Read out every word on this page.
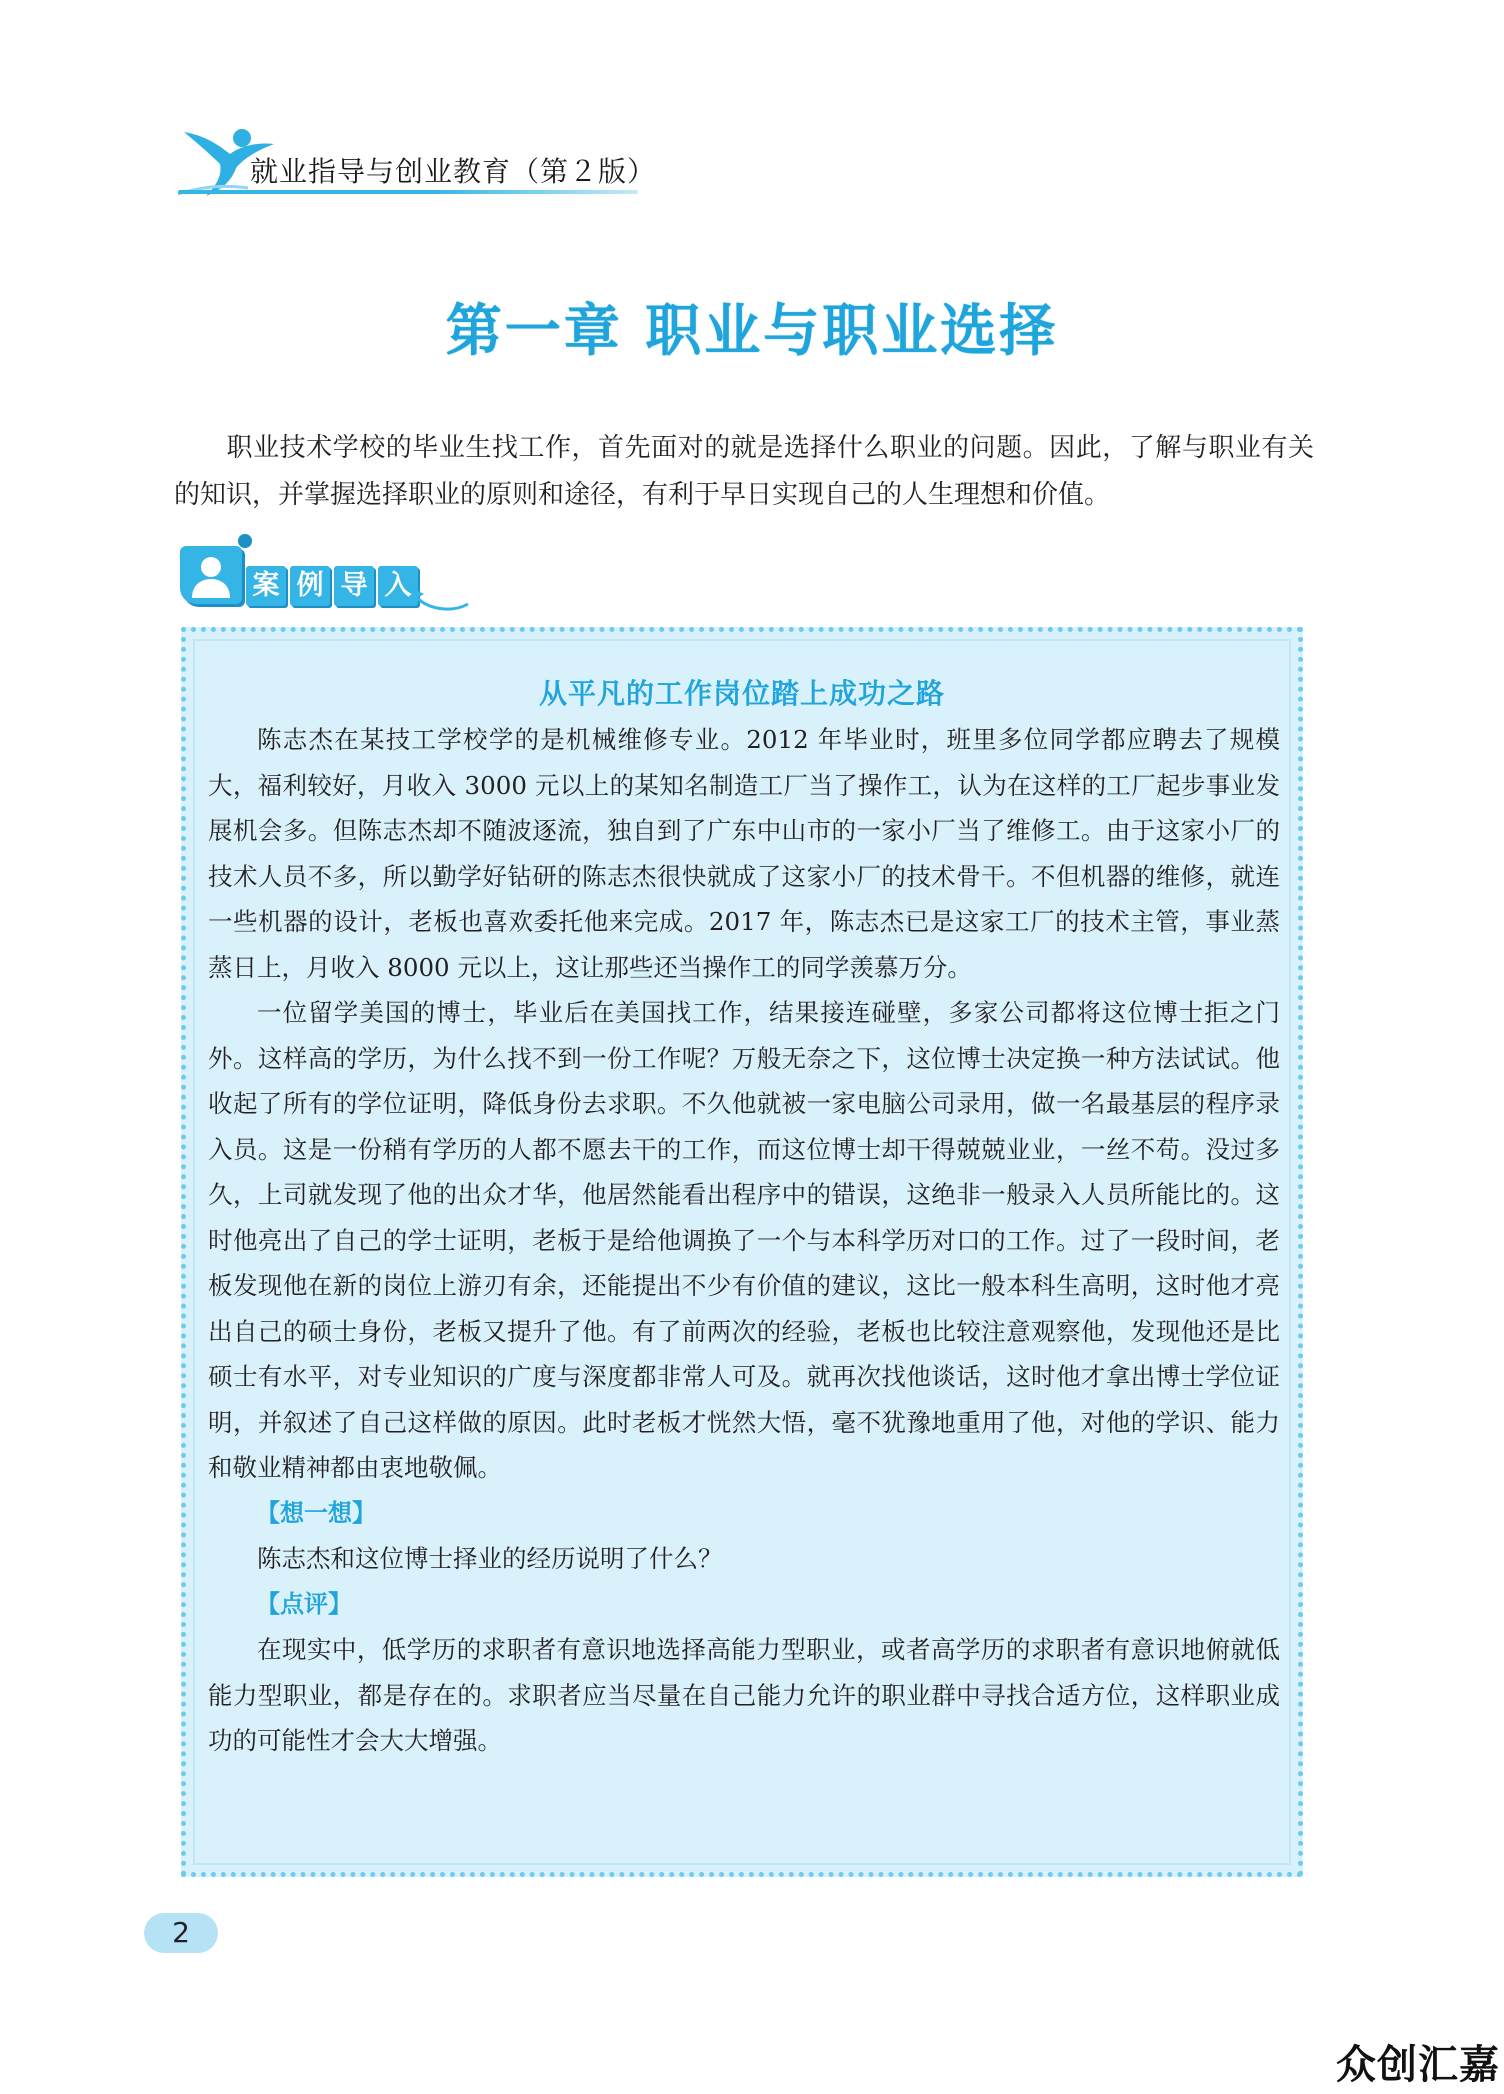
就业指导与创业教育（第２版）
第一章 职业与职业选择

职业技术学校的毕业生找工作，首先面对的就是选择什么职业的问题。因此，了解与职业有关的知识，并掌握选择职业的原则和途径，有利于早日实现自己的人生理想和价值。

案 例 导 入
从平凡的工作岗位踏上成功之路

陈志杰在某技工学校学的是机械维修专业。2012 年毕业时，班里多位同学都应聘去了规模大，福利较好，月收入 3000 元以上的某知名制造工厂当了操作工，认为在这样的工厂起步事业发展机会多。但陈志杰却不随波逐流，独自到了广东中山市的一家小厂当了维修工。由于这家小厂的技术人员不多，所以勤学好钻研的陈志杰很快就成了这家小厂的技术骨干。不但机器的维修，就连一些机器的设计，老板也喜欢委托他来完成。2017 年，陈志杰已是这家工厂的技术主管，事业蒸蒸日上，月收入 8000 元以上，这让那些还当操作工的同学羡慕万分。

一位留学美国的博士，毕业后在美国找工作，结果接连碰壁，多家公司都将这位博士拒之门外。这样高的学历，为什么找不到一份工作呢？万般无奈之下，这位博士决定换一种方法试试。他收起了所有的学位证明，降低身份去求职。不久他就被一家电脑公司录用，做一名最基层的程序录入员。这是一份稍有学历的人都不愿去干的工作，而这位博士却干得兢兢业业，一丝不苟。没过多久，上司就发现了他的出众才华，他居然能看出程序中的错误，这绝非一般录入人员所能比的。这时他亮出了自己的学士证明，老板于是给他调换了一个与本科学历对口的工作。过了一段时间，老板发现他在新的岗位上游刃有余，还能提出不少有价值的建议，这比一般本科生高明，这时他才亮出自己的硕士身份，老板又提升了他。有了前两次的经验，老板也比较注意观察他，发现他还是比硕士有水平，对专业知识的广度与深度都非常人可及。就再次找他谈话，这时他才拿出博士学位证明，并叙述了自己这样做的原因。此时老板才恍然大悟，毫不犹豫地重用了他，对他的学识、能力和敬业精神都由衷地敬佩。

【想一想】

陈志杰和这位博士择业的经历说明了什么？

【点评】

在现实中，低学历的求职者有意识地选择高能力型职业，或者高学历的求职者有意识地俯就低能力型职业，都是存在的。求职者应当尽量在自己能力允许的职业群中寻找合适方位，这样职业成功的可能性才会大大增强。

2
众创汇嘉
